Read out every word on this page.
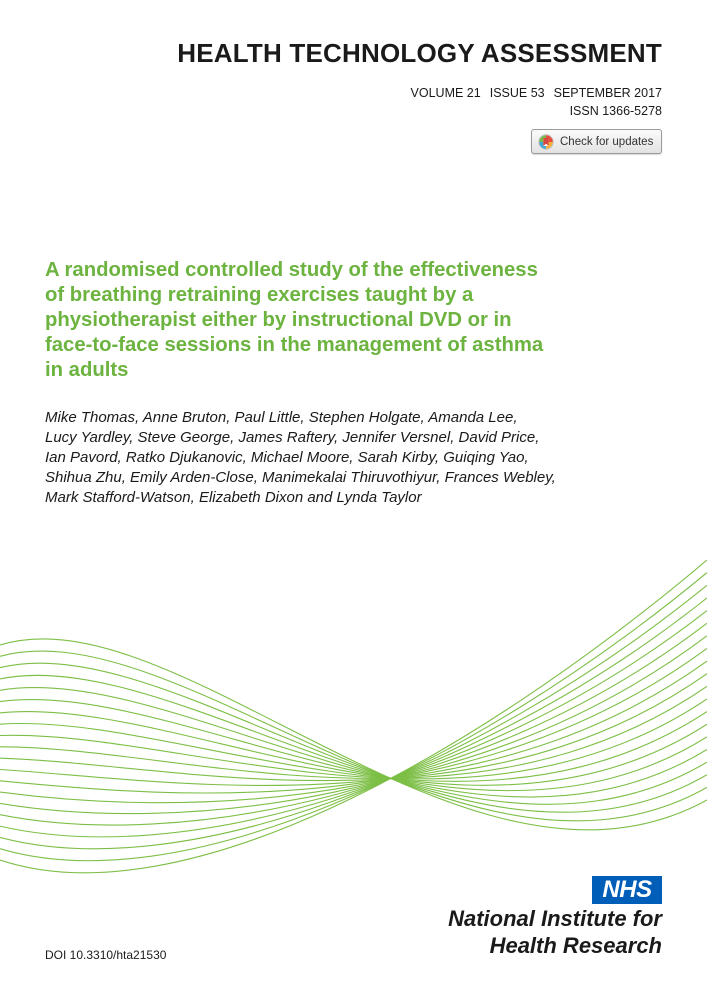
HEALTH TECHNOLOGY ASSESSMENT
VOLUME 21 ISSUE 53 SEPTEMBER 2017
ISSN 1366-5278
Check for updates
A randomised controlled study of the effectiveness
of breathing retraining exercises taught by a
physiotherapist either by instructional DVD or in
face-to-face sessions in the management of asthma
in adults
Mike Thomas, Anne Bruton, Paul Little, Stephen Holgate, Amanda Lee,
Lucy Yardley, Steve George, James Raftery, Jennifer Versnel, David Price,
Ian Pavord, Ratko Djukanovic, Michael Moore, Sarah Kirby, Guiqing Yao,
Shihua Zhu, Emily Arden-Close, Manimekalai Thiruvothiyur, Frances Webley,
Mark Stafford-Watson, Elizabeth Dixon and Lynda Taylor
NHS
National Institute for
Health Research
DOI 10.3310/hta21530
